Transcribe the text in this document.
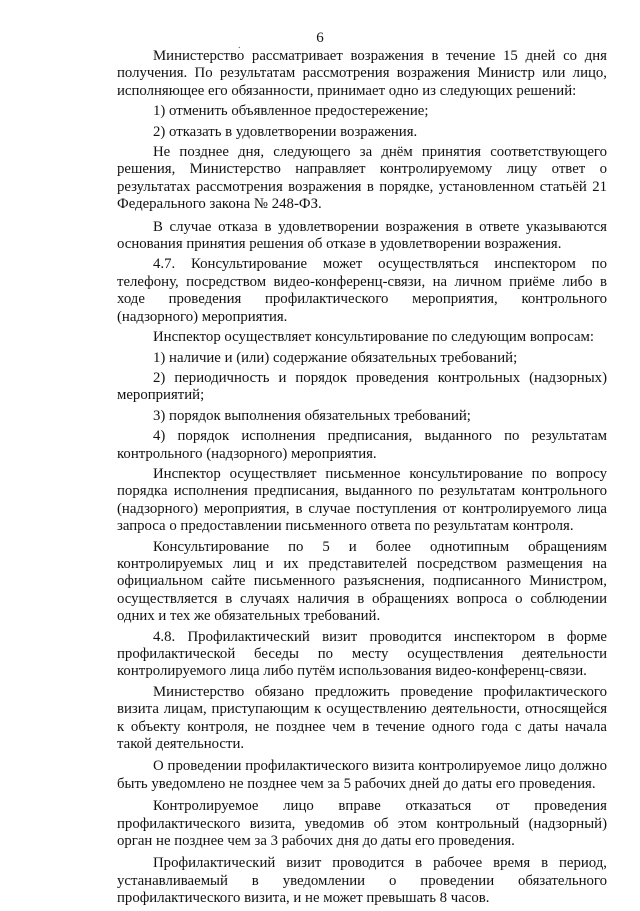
6
.

Министерство рассматривает возражения в течение 15 дней со дня получения. По результатам рассмотрения возражения Министр или лицо, исполняющее его обязанности, принимает одно из следующих решений:

1) отменить объявленное предостережение;

2) отказать в удовлетворении возражения.

Не позднее дня, следующего за днём принятия соответствующего решения, Министерство направляет контролируемому лицу ответ о результатах рассмотрения возражения в порядке, установленном статьёй 21 Федерального закона № 248-ФЗ.

В случае отказа в удовлетворении возражения в ответе указываются основания принятия решения об отказе в удовлетворении возражения.

4.7. Консультирование может осуществляться инспектором по телефону, посредством видео-конференц-связи, на личном приёме либо в ходе проведения профилактического мероприятия, контрольного (надзорного) мероприятия.

Инспектор осуществляет консультирование по следующим вопросам:

1) наличие и (или) содержание обязательных требований;

2) периодичность и порядок проведения контрольных (надзорных) мероприятий;

3) порядок выполнения обязательных требований;

4) порядок исполнения предписания, выданного по результатам контрольного (надзорного) мероприятия.

Инспектор осуществляет письменное консультирование по вопросу порядка исполнения предписания, выданного по результатам контрольного (надзорного) мероприятия, в случае поступления от контролируемого лица запроса о предоставлении письменного ответа по результатам контроля.

Консультирование по 5 и более однотипным обращениям контролируемых лиц и их представителей посредством размещения на официальном сайте письменного разъяснения, подписанного Министром, осуществляется в случаях наличия в обращениях вопроса о соблюдении одних и тех же обязательных требований.

4.8. Профилактический визит проводится инспектором в форме профилактической беседы по месту осуществления деятельности контролируемого лица либо путём использования видео-конференц-связи.

Министерство обязано предложить проведение профилактического визита лицам, приступающим к осуществлению деятельности, относящейся к объекту контроля, не позднее чем в течение одного года с даты начала такой деятельности.

О проведении профилактического визита контролируемое лицо должно быть уведомлено не позднее чем за 5 рабочих дней до даты его проведения.

Контролируемое лицо вправе отказаться от проведения профилактического визита, уведомив об этом контрольный (надзорный) орган не позднее чем за 3 рабочих дня до даты его проведения.

Профилактический визит проводится в рабочее время в период, устанавливаемый в уведомлении о проведении обязательного профилактического визита, и не может превышать 8 часов.
